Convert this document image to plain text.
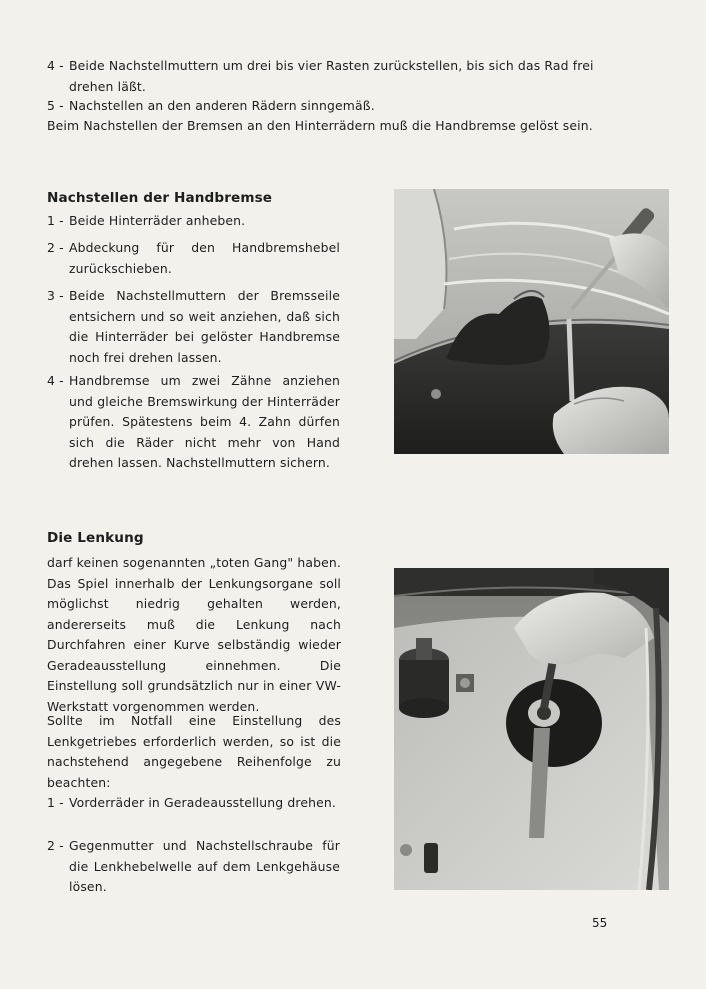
4 - Beide Nachstellmuttern um drei bis vier Rasten zurückstellen, bis sich das Rad frei drehen läßt.
5 - Nachstellen an den anderen Rädern sinngemäß.
Beim Nachstellen der Bremsen an den Hinterrädern muß die Handbremse gelöst sein.
Nachstellen der Handbremse
1 - Beide Hinterräder anheben.
2 - Abdeckung für den Handbremshebel zurückschieben.
3 - Beide Nachstellmuttern der Bremsseile entsichern und so weit anziehen, daß sich die Hinterräder bei gelöster Handbremse noch frei drehen lassen.
4 - Handbremse um zwei Zähne anziehen und gleiche Bremswirkung der Hinterräder prüfen. Spätestens beim 4. Zahn dürfen sich die Räder nicht mehr von Hand drehen lassen. Nachstellmuttern sichern.
Die Lenkung
darf keinen sogenannten „toten Gang" haben. Das Spiel innerhalb der Lenkungsorgane soll möglichst niedrig gehalten werden, andererseits muß die Lenkung nach Durchfahren einer Kurve selbständig wieder Geradeausstellung einnehmen. Die Einstellung soll grundsätzlich nur in einer VW-Werkstatt vorgenommen werden.
Sollte im Notfall eine Einstellung des Lenkgetriebes erforderlich werden, so ist die nachstehend angegebene Reihenfolge zu beachten:
1 - Vorderräder in Geradeausstellung drehen.
2 - Gegenmutter und Nachstellschraube für die Lenkhebelwelle auf dem Lenkgehäuse lösen.
55
